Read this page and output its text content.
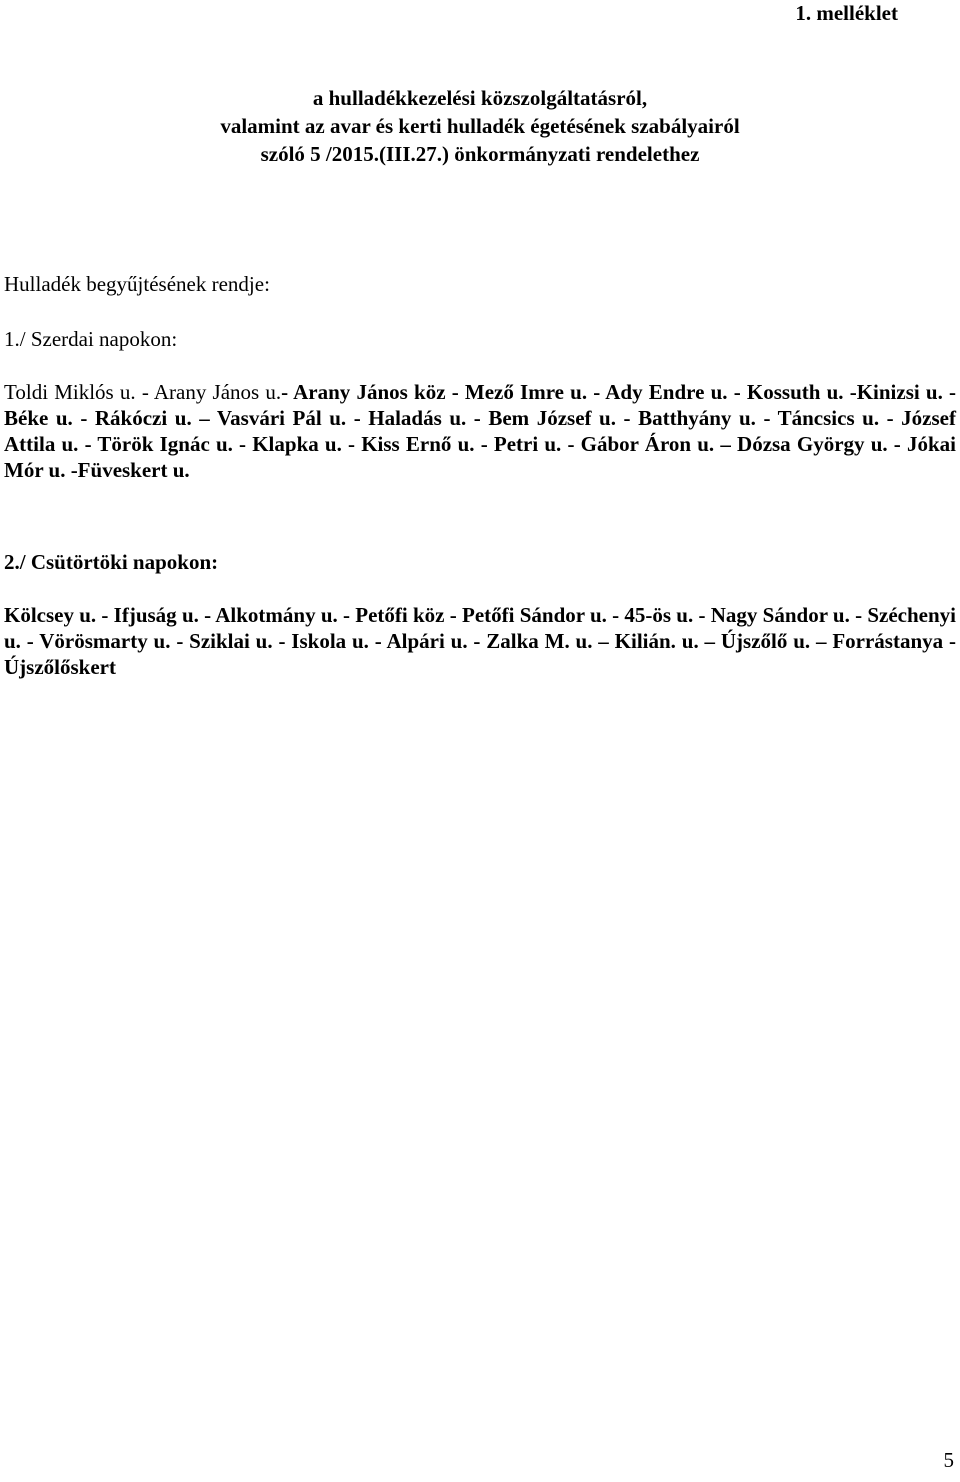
1. melléklet
a hulladékkezelési közszolgáltatásról,
valamint az avar és kerti hulladék égetésének szabályairól
szóló 5 /2015.(III.27.) önkormányzati rendelethez
Hulladék begyűjtésének rendje:
1./ Szerdai napokon:
Toldi Miklós u. - Arany János u.- Arany János köz - Mező Imre u. - Ady Endre u. - Kossuth u. -Kinizsi u. - Béke u. - Rákóczi u. – Vasvári Pál u. - Haladás u. - Bem József u. - Batthyány u. - Táncsics u. - József Attila u. - Török Ignác u. - Klapka u. - Kiss Ernő u. - Petri u. - Gábor Áron u. – Dózsa György u. - Jókai Mór u. -Füveskert u.
2./ Csütörtöki napokon:
Kölcsey u. - Ifjuság u. - Alkotmány u. - Petőfi köz - Petőfi Sándor u. - 45-ös u. - Nagy Sándor u. - Széchenyi u. - Vörösmarty u. - Sziklai u. - Iskola u. - Alpári u. - Zalka M. u. – Kilián. u. – Újszőlő u. – Forrástanya - Újszőlőskert
5
